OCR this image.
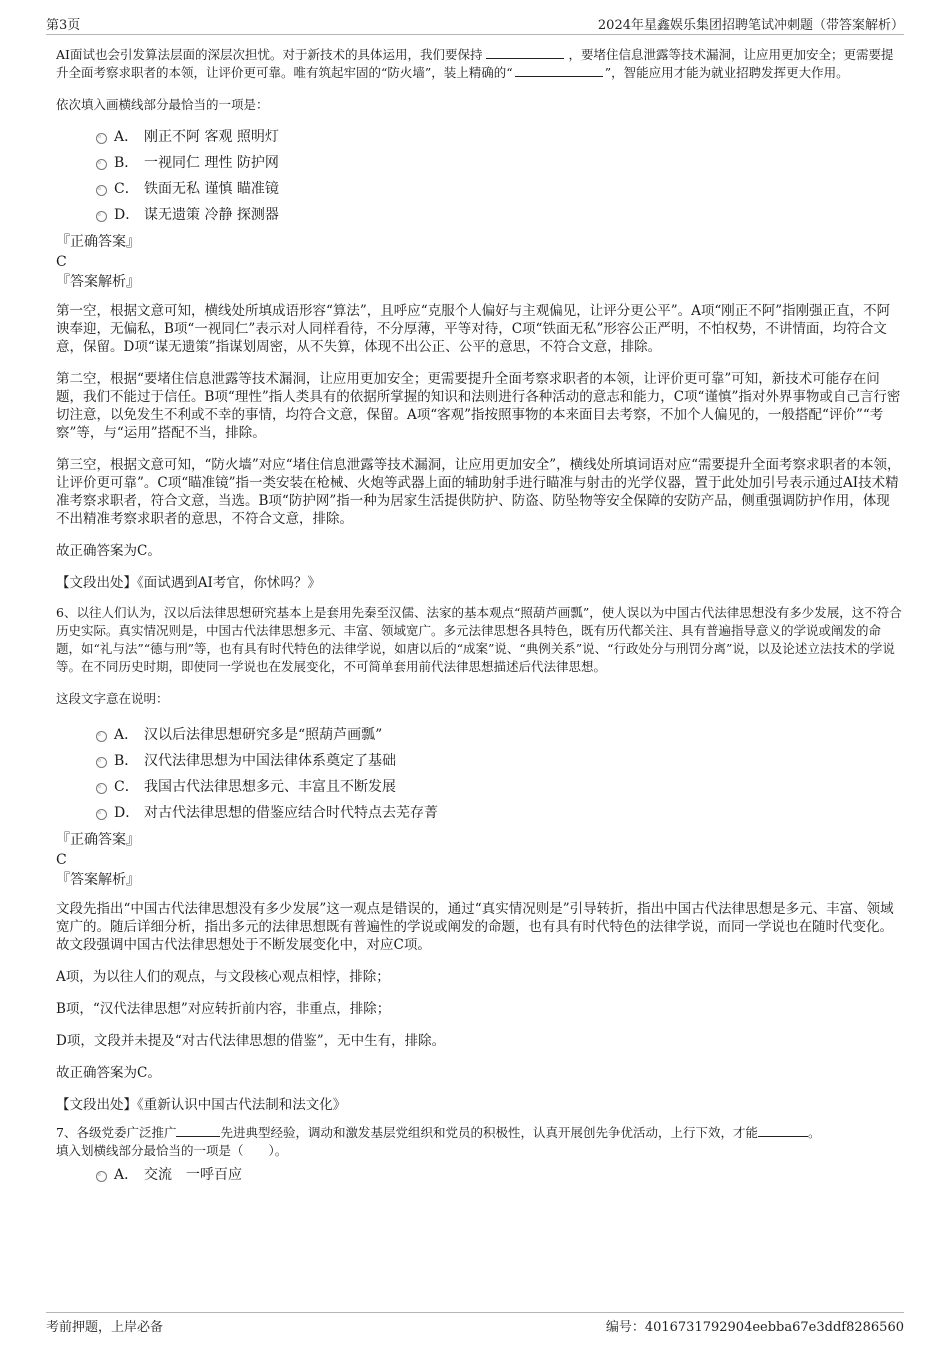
第3页	2024年星鑫娱乐集团招聘笔试冲刺题（带答案解析）

AI面试也会引发算法层面的深层次担忧。对于新技术的具体运用，我们要保持	，要堵住信息泄露等技术漏洞，让应用更加安全；更需要提升全面考察求职者的本领，让评价更可靠。唯有筑起牢固的“防火墙”，装上精确的“	”，智能应用才能为就业招聘发挥更大作用。

依次填入画横线部分最恰当的一项是：

A． 刚正不阿 客观 照明灯
B． 一视同仁 理性 防护网
C． 铁面无私 谨慎 瞄准镜
D． 谋无遗策 冷静 探测器

『正确答案』

C

『答案解析』

第一空，根据文意可知，横线处所填成语形容“算法”，且呼应“克服个人偏好与主观偏见，让评分更公平”。A项“刚正不阿”指刚强正直，不阿谀奉迎，无偏私，B项“一视同仁”表示对人同样看待，不分厚薄，平等对待，C项“铁面无私”形容公正严明，不怕权势，不讲情面，均符合文意，保留。D项“谋无遗策”指谋划周密，从不失算，体现不出公正、公平的意思，不符合文意，排除。

第二空，根据“要堵住信息泄露等技术漏洞，让应用更加安全；更需要提升全面考察求职者的本领，让评价更可靠”可知，新技术可能存在问题，我们不能过于信任。B项“理性”指人类具有的依据所掌握的知识和法则进行各种活动的意志和能力，C项“谨慎”指对外界事物或自己言行密切注意，以免发生不利或不幸的事情，均符合文意，保留。A项“客观”指按照事物的本来面目去考察，不加个人偏见的，一般搭配“评价”“考察”等，与“运用”搭配不当，排除。

第三空，根据文意可知，“防火墙”对应“堵住信息泄露等技术漏洞，让应用更加安全”，横线处所填词语对应“需要提升全面考察求职者的本领，让评价更可靠”。C项“瞄准镜”指一类安装在枪械、火炮等武器上面的辅助射手进行瞄准与射击的光学仪器，置于此处加引号表示通过AI技术精准考察求职者，符合文意，当选。B项“防护网”指一种为居家生活提供防护、防盗、防坠物等安全保障的安防产品，侧重强调防护作用，体现不出精准考察求职者的意思，不符合文意，排除。

故正确答案为C。

【文段出处】《面试遇到AI考官，你怵吗？》

6、以往人们认为，汉以后法律思想研究基本上是套用先秦至汉儒、法家的基本观点“照葫芦画瓢”，使人误以为中国古代法律思想没有多少发展，这不符合历史实际。真实情况则是，中国古代法律思想多元、丰富、领域宽广。多元法律思想各具特色，既有历代都关注、具有普遍指导意义的学说或阐发的命题，如“礼与法”“德与刑”等，也有具有时代特色的法律学说，如唐以后的“成案”说、“典例关系”说、“行政处分与刑罚分离”说，以及论述立法技术的学说等。在不同历史时期，即使同一学说也在发展变化，不可简单套用前代法律思想描述后代法律思想。

这段文字意在说明：

A． 汉以后法律思想研究多是“照葫芦画瓢”
B． 汉代法律思想为中国法律体系奠定了基础
C． 我国古代法律思想多元、丰富且不断发展
D． 对古代法律思想的借鉴应结合时代特点去芜存菁

『正确答案』

C

『答案解析』

文段先指出“中国古代法律思想没有多少发展”这一观点是错误的，通过“真实情况则是”引导转折，指出中国古代法律思想是多元、丰富、领域宽广的。随后详细分析，指出多元的法律思想既有普遍性的学说或阐发的命题，也有具有时代特色的法律学说，而同一学说也在随时代变化。故文段强调中国古代法律思想处于不断发展变化中，对应C项。

A项，为以往人们的观点，与文段核心观点相悖，排除；

B项，“汉代法律思想”对应转折前内容，非重点，排除；

D项，文段并未提及“对古代法律思想的借鉴”，无中生有，排除。

故正确答案为C。

【文段出处】《重新认识中国古代法制和法文化》

7、各级党委广泛推广	先进典型经验，调动和激发基层党组织和党员的积极性，认真开展创先争优活动，上行下效，才能	。

填入划横线部分最恰当的一项是（　　）。

A． 交流　一呼百应
考前押题，上岸必备	编号：4016731792904eebba67e3ddf8286560
